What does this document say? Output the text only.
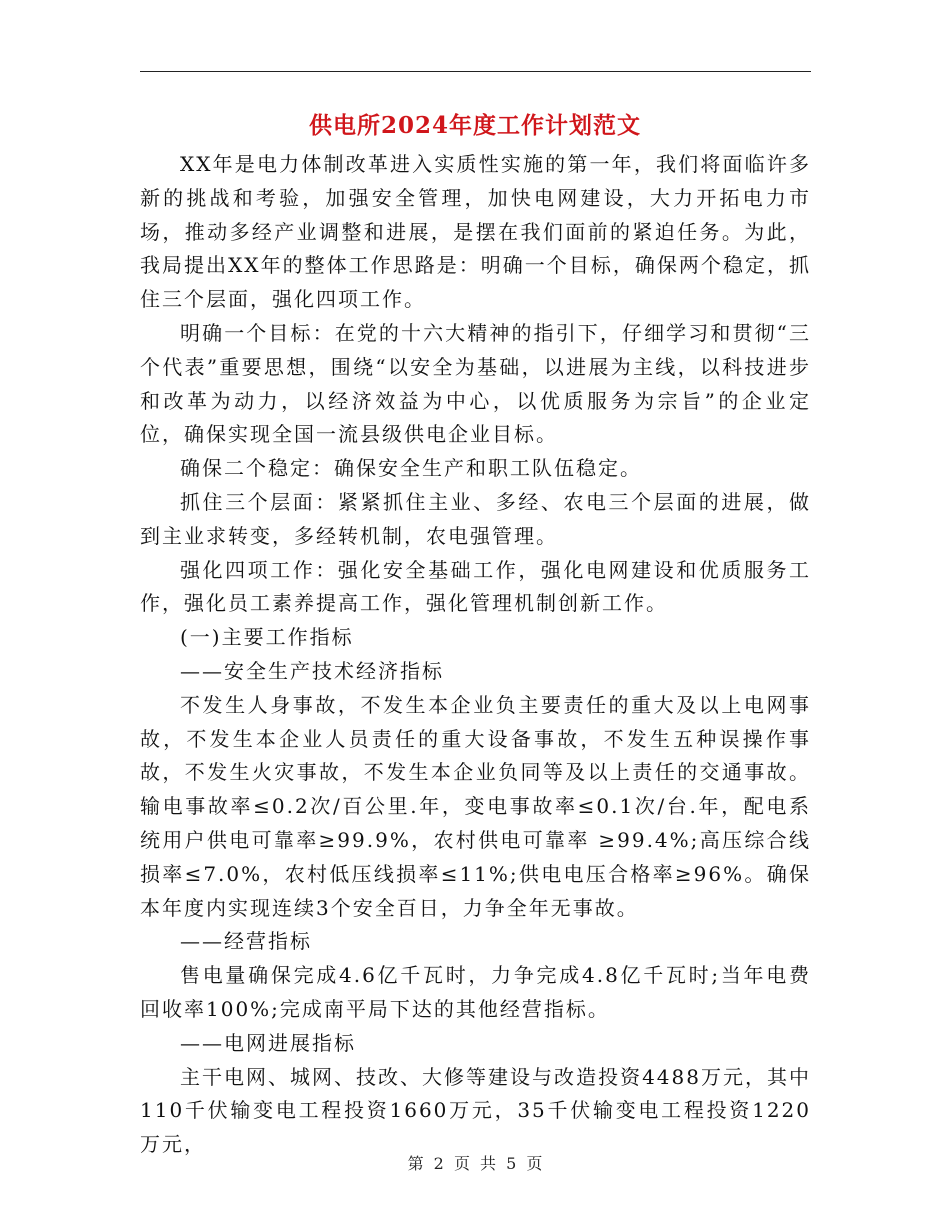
供电所2024年度工作计划范文

XX年是电力体制改革进入实质性实施的第一年，我们将面临许多新的挑战和考验，加强安全管理，加快电网建设，大力开拓电力市场，推动多经产业调整和进展，是摆在我们面前的紧迫任务。为此，我局提出XX年的整体工作思路是：明确一个目标，确保两个稳定，抓住三个层面，强化四项工作。

明确一个目标：在党的十六大精神的指引下，仔细学习和贯彻“三个代表”重要思想，围绕“以安全为基础，以进展为主线，以科技进步和改革为动力，以经济效益为中心，以优质服务为宗旨”的企业定位，确保实现全国一流县级供电企业目标。

确保二个稳定：确保安全生产和职工队伍稳定。

抓住三个层面：紧紧抓住主业、多经、农电三个层面的进展，做到主业求转变，多经转机制，农电强管理。

强化四项工作：强化安全基础工作，强化电网建设和优质服务工作，强化员工素养提高工作，强化管理机制创新工作。

(一)主要工作指标

——安全生产技术经济指标

不发生人身事故，不发生本企业负主要责任的重大及以上电网事故，不发生本企业人员责任的重大设备事故，不发生五种误操作事故，不发生火灾事故，不发生本企业负同等及以上责任的交通事故。输电事故率≤0.2次/百公里.年，变电事故率≤0.1次/台.年，配电系统用户供电可靠率≥99.9%，农村供电可靠率 ≥99.4%;高压综合线损率≤7.0%，农村低压线损率≤11%;供电电压合格率≥96%。确保本年度内实现连续3个安全百日，力争全年无事故。

——经营指标

售电量确保完成4.6亿千瓦时，力争完成4.8亿千瓦时;当年电费回收率100%;完成南平局下达的其他经营指标。

——电网进展指标

主干电网、城网、技改、大修等建设与改造投资4488万元，其中110千伏输变电工程投资1660万元，35千伏输变电工程投资1220万元，

第 2 页 共 5 页
